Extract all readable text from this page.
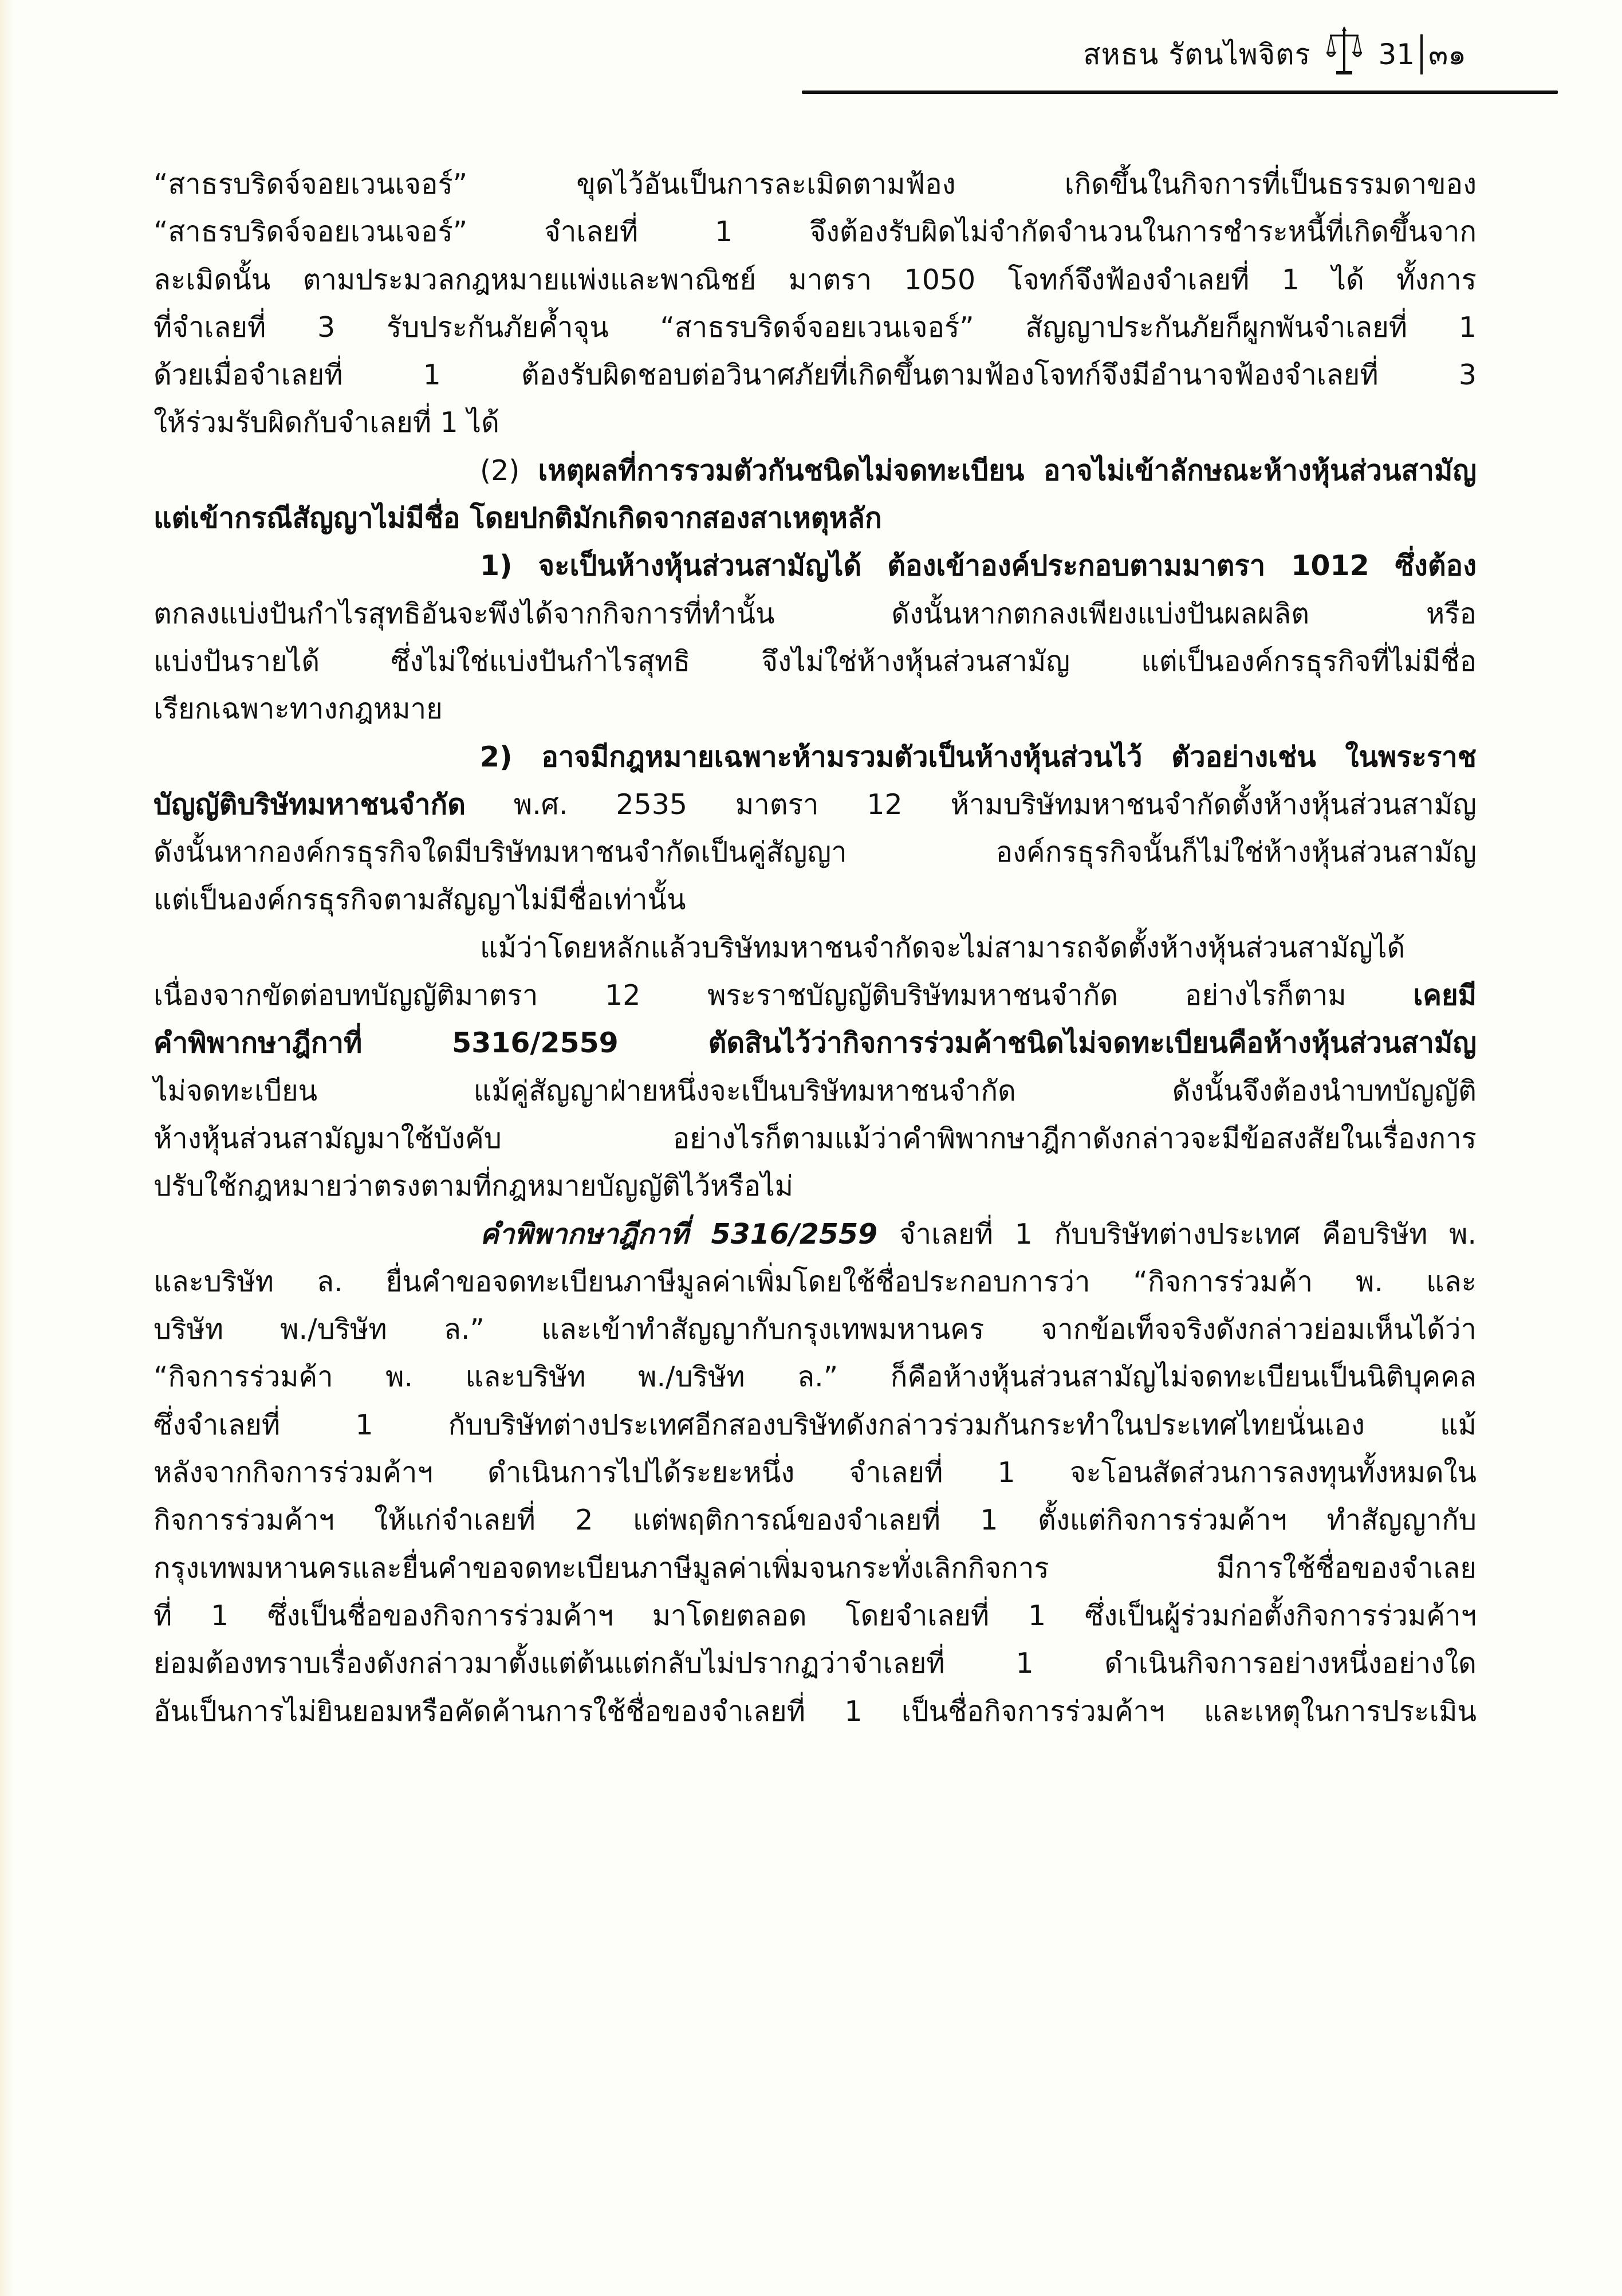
สหธน รัตนไพจิตร 31 ๓๑
“สาธรบริดจ์จอยเวนเจอร์” ขุดไว้อันเป็นการละเมิดตามฟ้อง เกิดขึ้นในกิจการที่เป็นธรรมดาของ
“สาธรบริดจ์จอยเวนเจอร์” จำเลยที่ 1 จึงต้องรับผิดไม่จำกัดจำนวนในการชำระหนี้ที่เกิดขึ้นจาก
ละเมิดนั้น ตามประมวลกฎหมายแพ่งและพาณิชย์ มาตรา 1050 โจทก์จึงฟ้องจำเลยที่ 1 ได้ ทั้งการ
ที่จำเลยที่ 3 รับประกันภัยค้ำจุน “สาธรบริดจ์จอยเวนเจอร์” สัญญาประกันภัยก็ผูกพันจำเลยที่ 1
ด้วยเมื่อจำเลยที่ 1 ต้องรับผิดชอบต่อวินาศภัยที่เกิดขึ้นตามฟ้องโจทก์จึงมีอำนาจฟ้องจำเลยที่ 3
ให้ร่วมรับผิดกับจำเลยที่ 1 ได้
(2) เหตุผลที่การรวมตัวกันชนิดไม่จดทะเบียน อาจไม่เข้าลักษณะห้างหุ้นส่วนสามัญ
แต่เข้ากรณีสัญญาไม่มีชื่อ โดยปกติมักเกิดจากสองสาเหตุหลัก
1) จะเป็นห้างหุ้นส่วนสามัญได้ ต้องเข้าองค์ประกอบตามมาตรา 1012 ซึ่งต้อง
ตกลงแบ่งปันกำไรสุทธิอันจะพึงได้จากกิจการที่ทำนั้น ดังนั้นหากตกลงเพียงแบ่งปันผลผลิต หรือ
แบ่งปันรายได้ ซึ่งไม่ใช่แบ่งปันกำไรสุทธิ จึงไม่ใช่ห้างหุ้นส่วนสามัญ แต่เป็นองค์กรธุรกิจที่ไม่มีชื่อ
เรียกเฉพาะทางกฎหมาย
2) อาจมีกฎหมายเฉพาะห้ามรวมตัวเป็นห้างหุ้นส่วนไว้ ตัวอย่างเช่น ในพระราช
บัญญัติบริษัทมหาชนจำกัด พ.ศ. 2535 มาตรา 12 ห้ามบริษัทมหาชนจำกัดตั้งห้างหุ้นส่วนสามัญ
ดังนั้นหากองค์กรธุรกิจใดมีบริษัทมหาชนจำกัดเป็นคู่สัญญา องค์กรธุรกิจนั้นก็ไม่ใช่ห้างหุ้นส่วนสามัญ
แต่เป็นองค์กรธุรกิจตามสัญญาไม่มีชื่อเท่านั้น
แม้ว่าโดยหลักแล้วบริษัทมหาชนจำกัดจะไม่สามารถจัดตั้งห้างหุ้นส่วนสามัญได้
เนื่องจากขัดต่อบทบัญญัติมาตรา 12 พระราชบัญญัติบริษัทมหาชนจำกัด อย่างไรก็ตาม เคยมี
คำพิพากษาฎีกาที่ 5316/2559 ตัดสินไว้ว่ากิจการร่วมค้าชนิดไม่จดทะเบียนคือห้างหุ้นส่วนสามัญ
ไม่จดทะเบียน แม้คู่สัญญาฝ่ายหนึ่งจะเป็นบริษัทมหาชนจำกัด ดังนั้นจึงต้องนำบทบัญญัติ
ห้างหุ้นส่วนสามัญมาใช้บังคับ อย่างไรก็ตามแม้ว่าคำพิพากษาฎีกาดังกล่าวจะมีข้อสงสัยในเรื่องการ
ปรับใช้กฎหมายว่าตรงตามที่กฎหมายบัญญัติไว้หรือไม่
คำพิพากษาฎีกาที่ 5316/2559 จำเลยที่ 1 กับบริษัทต่างประเทศ คือบริษัท พ.
และบริษัท ล. ยื่นคำขอจดทะเบียนภาษีมูลค่าเพิ่มโดยใช้ชื่อประกอบการว่า “กิจการร่วมค้า พ. และ
บริษัท พ./บริษัท ล.” และเข้าทำสัญญากับกรุงเทพมหานคร จากข้อเท็จจริงดังกล่าวย่อมเห็นได้ว่า
“กิจการร่วมค้า พ. และบริษัท พ./บริษัท ล.” ก็คือห้างหุ้นส่วนสามัญไม่จดทะเบียนเป็นนิติบุคคล
ซึ่งจำเลยที่ 1 กับบริษัทต่างประเทศอีกสองบริษัทดังกล่าวร่วมกันกระทำในประเทศไทยนั่นเอง แม้
หลังจากกิจการร่วมค้าฯ ดำเนินการไปได้ระยะหนึ่ง จำเลยที่ 1 จะโอนสัดส่วนการลงทุนทั้งหมดใน
กิจการร่วมค้าฯ ให้แก่จำเลยที่ 2 แต่พฤติการณ์ของจำเลยที่ 1 ตั้งแต่กิจการร่วมค้าฯ ทำสัญญากับ
กรุงเทพมหานครและยื่นคำขอจดทะเบียนภาษีมูลค่าเพิ่มจนกระทั่งเลิกกิจการ มีการใช้ชื่อของจำเลย
ที่ 1 ซึ่งเป็นชื่อของกิจการร่วมค้าฯ มาโดยตลอด โดยจำเลยที่ 1 ซึ่งเป็นผู้ร่วมก่อตั้งกิจการร่วมค้าฯ
ย่อมต้องทราบเรื่องดังกล่าวมาตั้งแต่ต้นแต่กลับไม่ปรากฏว่าจำเลยที่ 1 ดำเนินกิจการอย่างหนึ่งอย่างใด
อันเป็นการไม่ยินยอมหรือคัดค้านการใช้ชื่อของจำเลยที่ 1 เป็นชื่อกิจการร่วมค้าฯ และเหตุในการประเมิน
